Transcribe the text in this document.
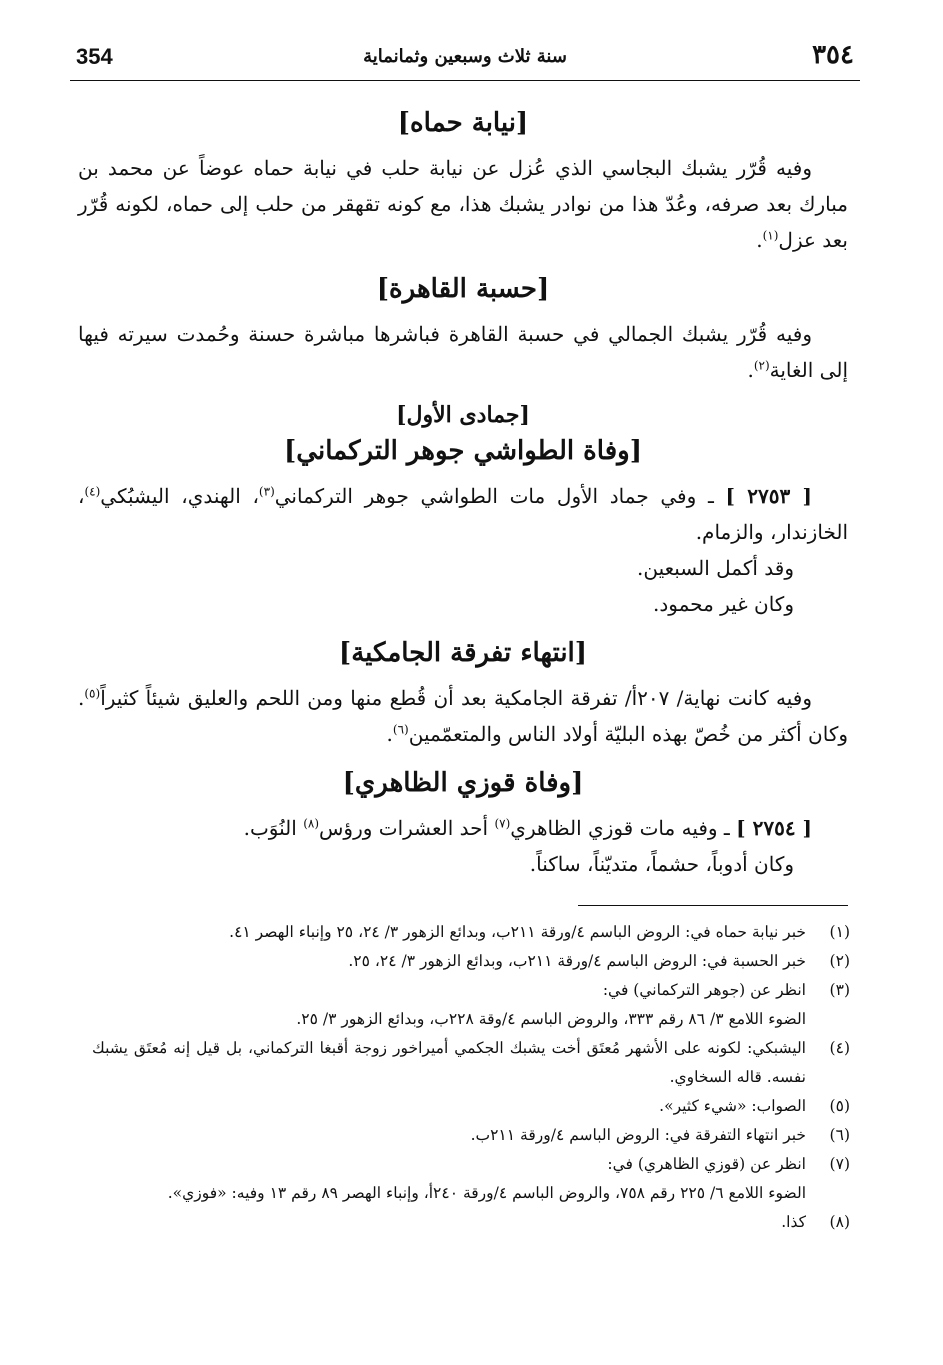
354	سنة ثلاث وسبعين وثمانماية	٣٥٤
[نيابة حماه]

وفيه قُرّر يشبك البجاسي الذي عُزل عن نيابة حلب في نيابة حماه عوضاً عن محمد بن مبارك بعد صرفه، وعُدّ هذا من نوادر يشبك هذا، مع كونه تقهقر من حلب إلى حماه، لكونه قُرّر بعد عزل$^{(١)}$.

[حسبة القاهرة]

وفيه قُرّر يشبك الجمالي في حسبة القاهرة فباشرها مباشرة حسنة وحُمدت سيرته فيها إلى الغاية$^{(٢)}$.

[جمادى الأول]
[وفاة الطواشي جوهر التركماني]

[ ٢٧٥٣ ] ـ وفي جماد الأول مات الطواشي جوهر التركماني$^{(٣)}$، الهندي، اليشبُكي$^{(٤)}$، الخازندار، والزمام.

وقد أكمل السبعين.

وكان غير محمود.

[انتهاء تفرقة الجامكية]

وفيه كانت نهاية/ ٢٠٧أ/ تفرقة الجامكية بعد أن قُطع منها ومن اللحم والعليق شيئاً كثيراً$^{(٥)}$. وكان أكثر من خُصّ بهذه البليّة أولاد الناس والمتعمّمين$^{(٦)}$.

[وفاة قوزي الظاهري]

[ ٢٧٥٤ ] ـ وفيه مات قوزي الظاهري$^{(٧)}$ أحد العشرات ورؤس$^{(٨)}$ النُوَب.

وكان أدوباً، حشماً، متديّناً، ساكناً.

(١)
خبر نيابة حماه في: الروض الباسم ٤/ورقة ٢١١ب، وبدائع الزهور ٣/ ٢٤، ٢٥ وإنباء الهصر ٤١.

(٢)
خبر الحسبة في: الروض الباسم ٤/ورقة ٢١١ب، وبدائع الزهور ٣/ ٢٤، ٢٥.

(٣)
انظر عن (جوهر التركماني) في:

الضوء اللامع ٣/ ٨٦ رقم ٣٣٣، والروض الباسم ٤/وقة ٢٢٨ب، وبدائع الزهور ٣/ ٢٥.

(٤)
اليشبكي: لكونه على الأشهر مُعتَق أخت يشبك الجكمي أميراخور زوجة أقبغا التركماني، بل قيل إنه مُعتَق يشبك نفسه. قاله السخاوي.

(٥)
الصواب: «شيء كثير».

(٦)
خبر انتهاء التفرقة في: الروض الباسم ٤/ورقة ٢١١ب.

(٧)
انظر عن (قوزي الظاهري) في:

الضوء اللامع ٦/ ٢٢٥ رقم ٧٥٨، والروض الباسم ٤/ورقة ٢٤٠أ، وإنباء الهصر ٨٩ رقم ١٣ وفيه: «فوزي».

(٨)
كذا.
